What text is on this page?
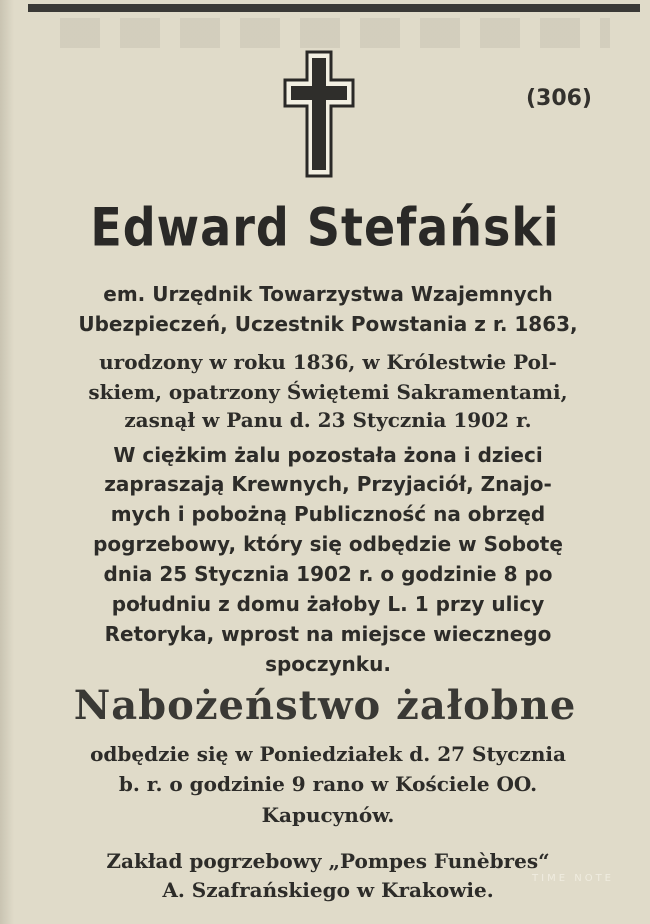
(306)
Edward Stefański
em. Urzędnik Towarzystwa Wzajemnych
Ubezpieczeń, Uczestnik Powstania z r. 1863,
urodzony w roku 1836, w Królestwie Pol-
skiem, opatrzony Świętemi Sakramentami,
zasnął w Panu d. 23 Stycznia 1902 r.
W ciężkim żalu pozostała żona i dzieci
zapraszają Krewnych, Przyjaciół, Znajo-
mych i pobożną Publiczność na obrzęd
pogrzebowy, który się odbędzie w Sobotę
dnia 25 Stycznia 1902 r. o godzinie 8 po
południu z domu żałoby L. 1 przy ulicy
Retoryka, wprost na miejsce wiecznego
spoczynku.
Nabożeństwo żałobne
odbędzie się w Poniedziałek d. 27 Stycznia
b. r. o godzinie 9 rano w Kościele OO.
Kapucynów.
Zakład pogrzebowy „Pompes Funèbres“
A. Szafrańskiego w Krakowie.	TIME NOTE
